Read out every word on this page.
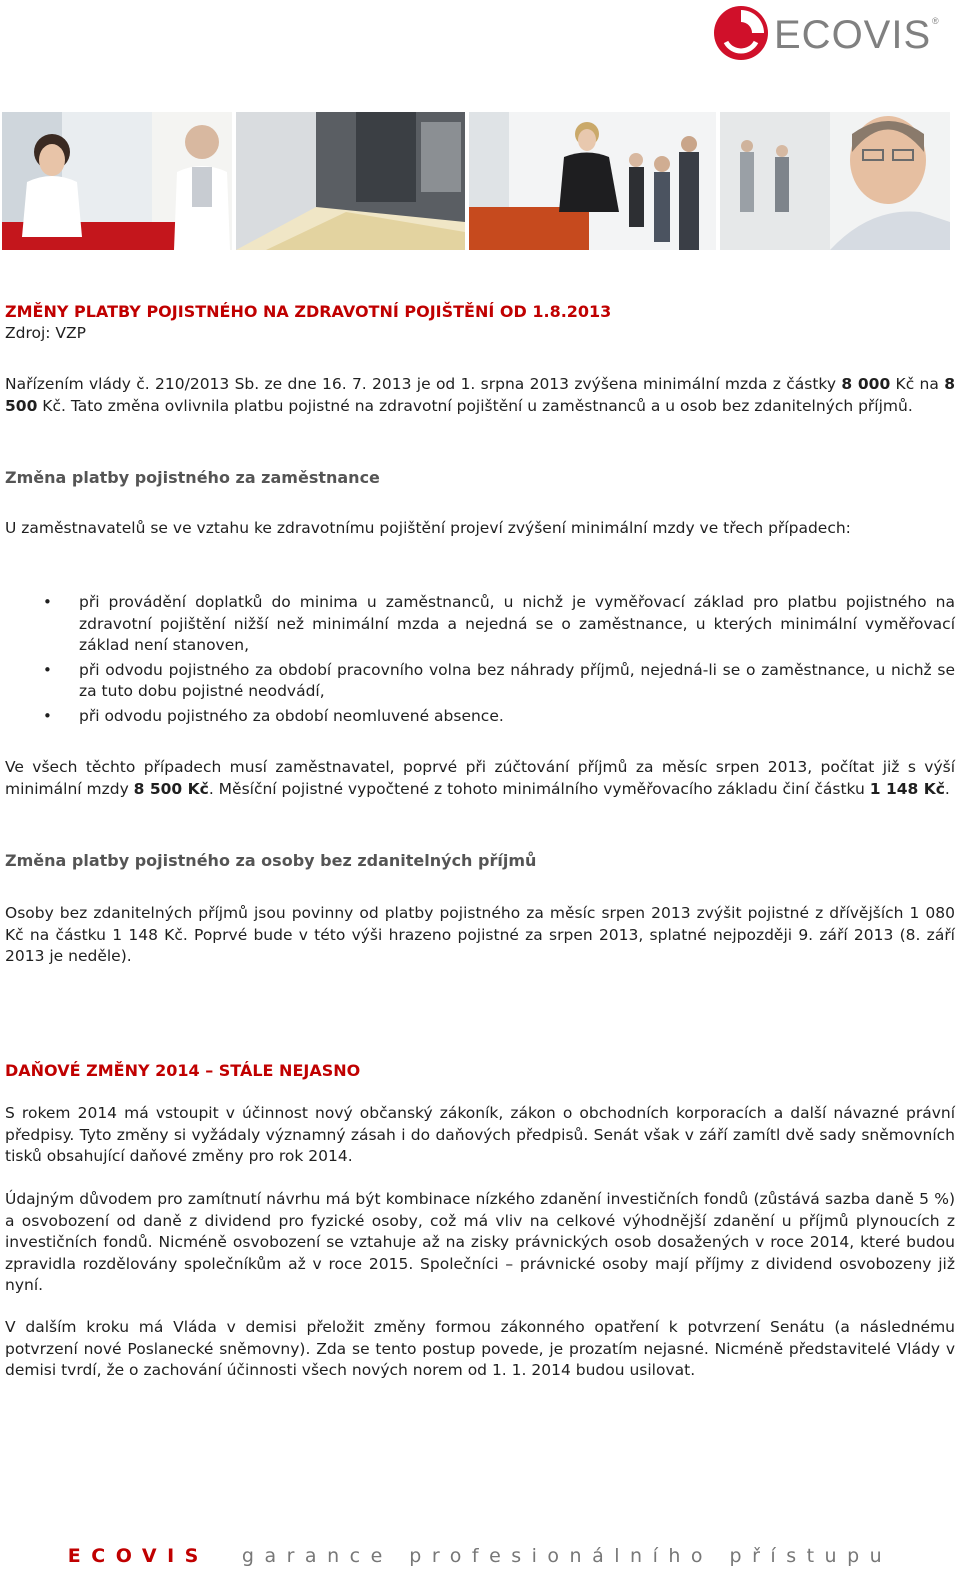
ECOVIS ®
ZMĚNY PLATBY POJISTNÉHO NA ZDRAVOTNÍ POJIŠTĚNÍ OD 1.8.2013
Zdroj: VZP

Nařízením vlády č. 210/2013 Sb. ze dne 16. 7. 2013 je od 1. srpna 2013 zvýšena minimální mzda z částky 8 000 Kč na 8 500 Kč. Tato změna ovlivnila platbu pojistné na zdravotní pojištění u zaměstnanců a u osob bez zdanitelných příjmů.

Změna platby pojistného za zaměstnance

U zaměstnavatelů se ve vztahu ke zdravotnímu pojištění projeví zvýšení minimální mzdy ve třech případech:

• při provádění doplatků do minima u zaměstnanců, u nichž je vyměřovací základ pro platbu pojistného na zdravotní pojištění nižší než minimální mzda a nejedná se o zaměstnance, u kterých minimální vyměřovací základ není stanoven,
• při odvodu pojistného za období pracovního volna bez náhrady příjmů, nejedná-li se o zaměstnance, u nichž se za tuto dobu pojistné neodvádí,
• při odvodu pojistného za období neomluvené absence.

Ve všech těchto případech musí zaměstnavatel, poprvé při zúčtování příjmů za měsíc srpen 2013, počítat již s výší minimální mzdy 8 500 Kč. Měsíční pojistné vypočtené z tohoto minimálního vyměřovacího základu činí částku 1 148 Kč.

Změna platby pojistného za osoby bez zdanitelných příjmů

Osoby bez zdanitelných příjmů jsou povinny od platby pojistného za měsíc srpen 2013 zvýšit pojistné z dřívějších 1 080 Kč na částku 1 148 Kč. Poprvé bude v této výši hrazeno pojistné za srpen 2013, splatné nejpozději 9. září 2013 (8. září 2013 je neděle).

DAŇOVÉ ZMĚNY 2014 – STÁLE NEJASNO

S rokem 2014 má vstoupit v účinnost nový občanský zákoník, zákon o obchodních korporacích a další návazné právní předpisy. Tyto změny si vyžádaly významný zásah i do daňových předpisů. Senát však v září zamítl dvě sady sněmovních tisků obsahující daňové změny pro rok 2014.

Údajným důvodem pro zamítnutí návrhu má být kombinace nízkého zdanění investičních fondů (zůstává sazba daně 5 %) a osvobození od daně z dividend pro fyzické osoby, což má vliv na celkové výhodnější zdanění u příjmů plynoucích z investičních fondů. Nicméně osvobození se vztahuje až na zisky právnických osob dosažených v roce 2014, které budou zpravidla rozdělovány společníkům až v roce 2015. Společníci – právnické osoby mají příjmy z dividend osvobozeny již nyní.

V dalším kroku má Vláda v demisi přeložit změny formou zákonného opatření k potvrzení Senátu (a následnému potvrzení nové Poslanecké sněmovny). Zda se tento postup povede, je prozatím nejasné. Nicméně představitelé Vlády v demisi tvrdí, že o zachování účinnosti všech nových norem od 1. 1. 2014 budou usilovat.

ECOVIS garance profesionálního přístupu
